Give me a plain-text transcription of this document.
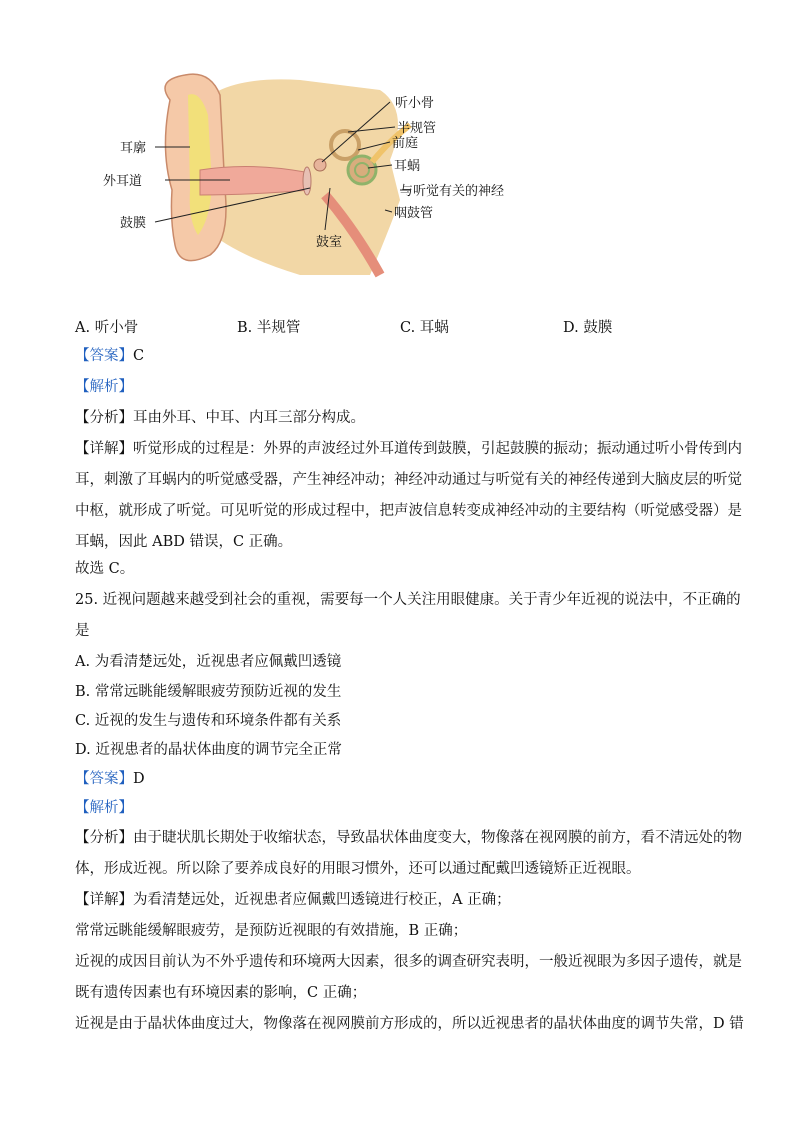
耳廓
外耳道
鼓膜
听小骨
半规管
前庭
耳蜗
与听觉有关的神经
咽鼓管
鼓室
A. 听小骨	B. 半规管	C. 耳蜗	D. 鼓膜
【答案】C
【解析】
【分析】耳由外耳、中耳、内耳三部分构成。
【详解】听觉形成的过程是：外界的声波经过外耳道传到鼓膜，引起鼓膜的振动；振动通过听小骨传到内
耳，刺激了耳蜗内的听觉感受器，产生神经冲动；神经冲动通过与听觉有关的神经传递到大脑皮层的听觉
中枢，就形成了听觉。可见听觉的形成过程中，把声波信息转变成神经冲动的主要结构（听觉感受器）是
耳蜗，因此 ABD 错误，C 正确。
故选 C。
25. 近视问题越来越受到社会的重视，需要每一个人关注用眼健康。关于青少年近视的说法中，不正确的
是
A. 为看清楚远处，近视患者应佩戴凹透镜
B. 常常远眺能缓解眼疲劳预防近视的发生
C. 近视的发生与遗传和环境条件都有关系
D. 近视患者的晶状体曲度的调节完全正常
【答案】D
【解析】
【分析】由于睫状肌长期处于收缩状态，导致晶状体曲度变大，物像落在视网膜的前方，看不清远处的物
体，形成近视。所以除了要养成良好的用眼习惯外，还可以通过配戴凹透镜矫正近视眼。
【详解】为看清楚远处，近视患者应佩戴凹透镜进行校正，A 正确；
常常远眺能缓解眼疲劳，是预防近视眼的有效措施，B 正确；
近视的成因目前认为不外乎遗传和环境两大因素，很多的调查研究表明，一般近视眼为多因子遗传，就是
既有遗传因素也有环境因素的影响，C 正确；
近视是由于晶状体曲度过大，物像落在视网膜前方形成的，所以近视患者的晶状体曲度的调节失常，D 错
